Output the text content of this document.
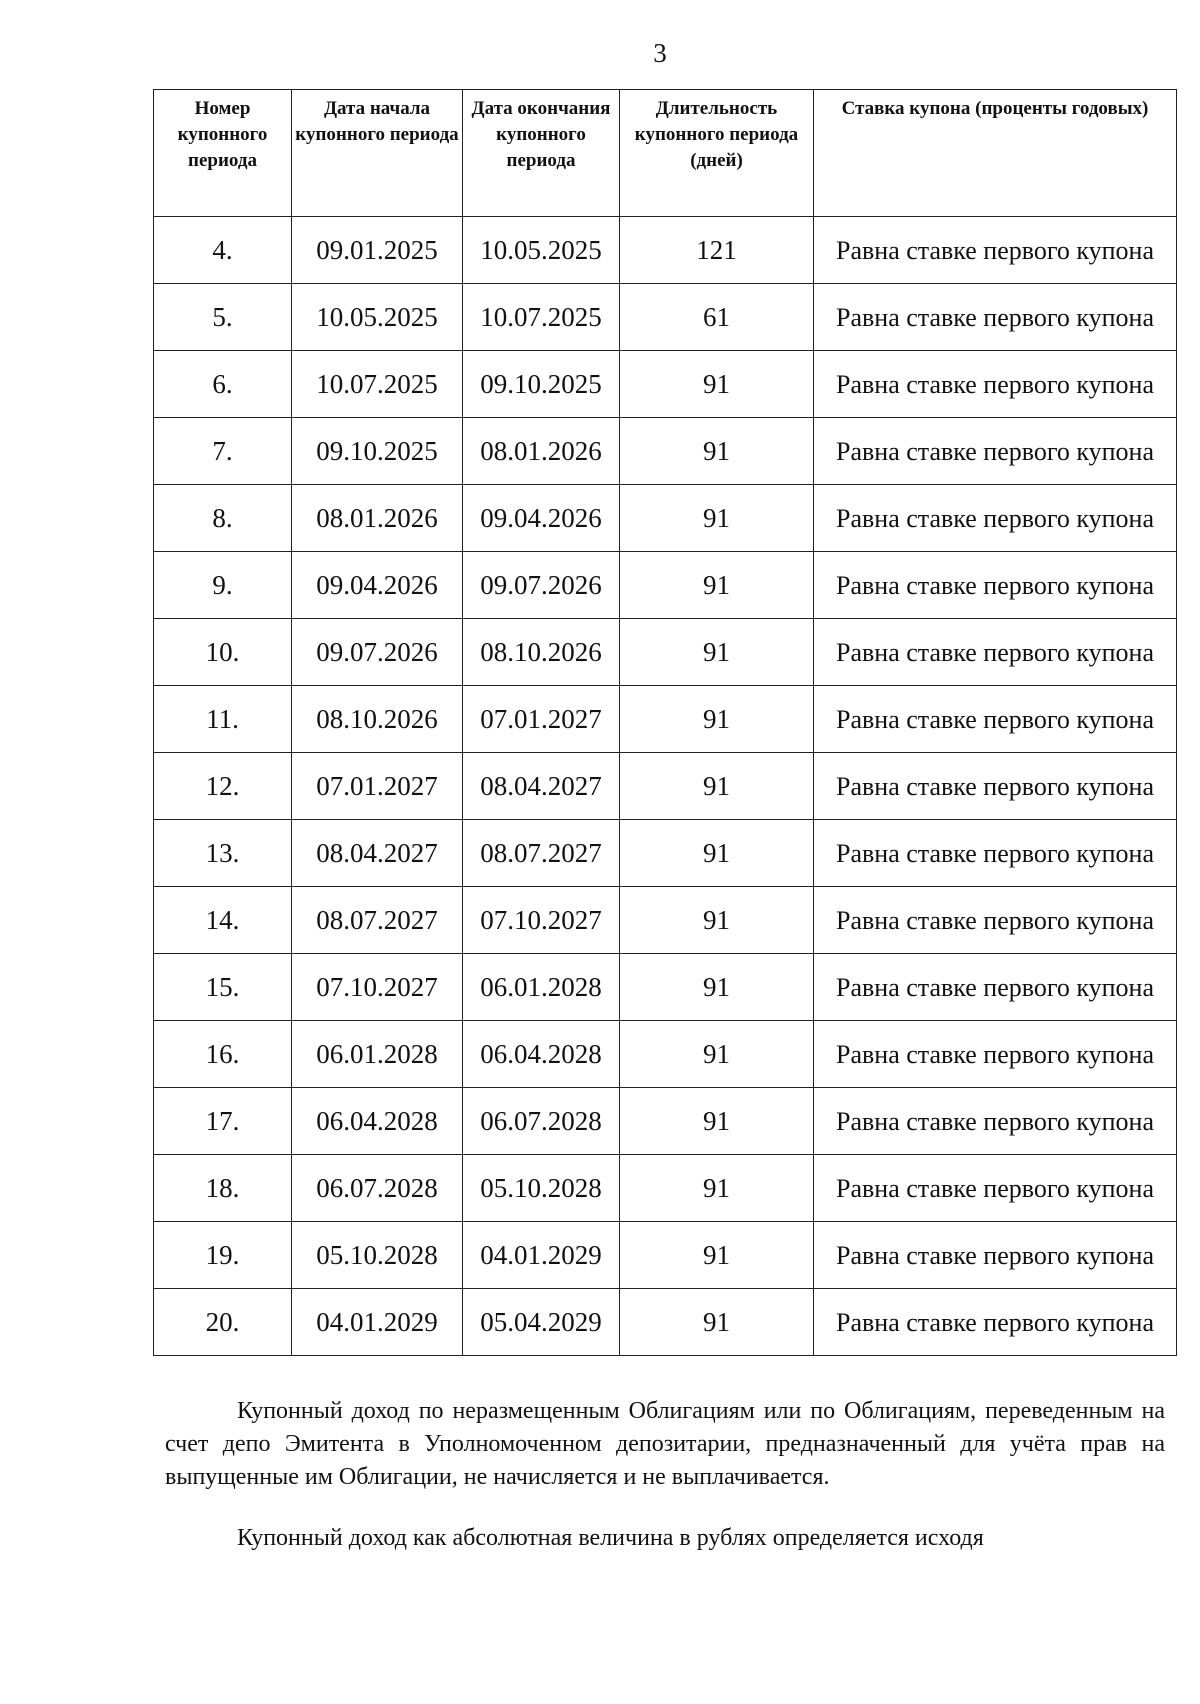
3
Номер купонного периода	Дата начала купонного периода	Дата окончания купонного периода	Длительность купонного периода (дней)	Ставка купона (проценты годовых)
4.	09.01.2025	10.05.2025	121	Равна ставке первого купона
5.	10.05.2025	10.07.2025	61	Равна ставке первого купона
6.	10.07.2025	09.10.2025	91	Равна ставке первого купона
7.	09.10.2025	08.01.2026	91	Равна ставке первого купона
8.	08.01.2026	09.04.2026	91	Равна ставке первого купона
9.	09.04.2026	09.07.2026	91	Равна ставке первого купона
10.	09.07.2026	08.10.2026	91	Равна ставке первого купона
11.	08.10.2026	07.01.2027	91	Равна ставке первого купона
12.	07.01.2027	08.04.2027	91	Равна ставке первого купона
13.	08.04.2027	08.07.2027	91	Равна ставке первого купона
14.	08.07.2027	07.10.2027	91	Равна ставке первого купона
15.	07.10.2027	06.01.2028	91	Равна ставке первого купона
16.	06.01.2028	06.04.2028	91	Равна ставке первого купона
17.	06.04.2028	06.07.2028	91	Равна ставке первого купона
18.	06.07.2028	05.10.2028	91	Равна ставке первого купона
19.	05.10.2028	04.01.2029	91	Равна ставке первого купона
20.	04.01.2029	05.04.2029	91	Равна ставке первого купона
Купонный доход по неразмещенным Облигациям или по Облигациям, переведенным на счет депо Эмитента в Уполномоченном депозитарии, предназначенный для учёта прав на выпущенные им Облигации, не начисляется и не выплачивается.
Купонный доход как абсолютная величина в рублях определяется исходя
